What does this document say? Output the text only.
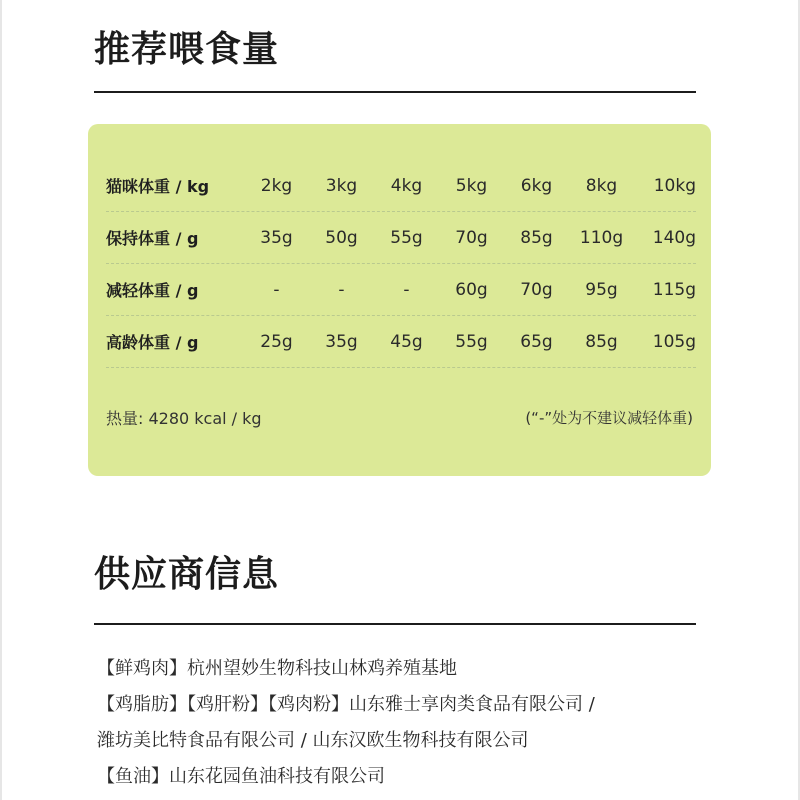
推荐喂食量
猫咪体重 / kg	2kg	3kg	4kg	5kg	6kg	8kg	10kg
保持体重 / g	35g	50g	55g	70g	85g	110g	140g
减轻体重 / g	-	-	-	60g	70g	95g	115g
高龄体重 / g	25g	35g	45g	55g	65g	85g	105g
热量: 4280 kcal / kg	(“-”处为不建议减轻体重)
供应商信息
【鲜鸡肉】杭州望妙生物科技山林鸡养殖基地
【鸡脂肪】【鸡肝粉】【鸡肉粉】山东雅士享肉类食品有限公司 /
潍坊美比特食品有限公司 / 山东汉欧生物科技有限公司
【鱼油】山东花园鱼油科技有限公司
